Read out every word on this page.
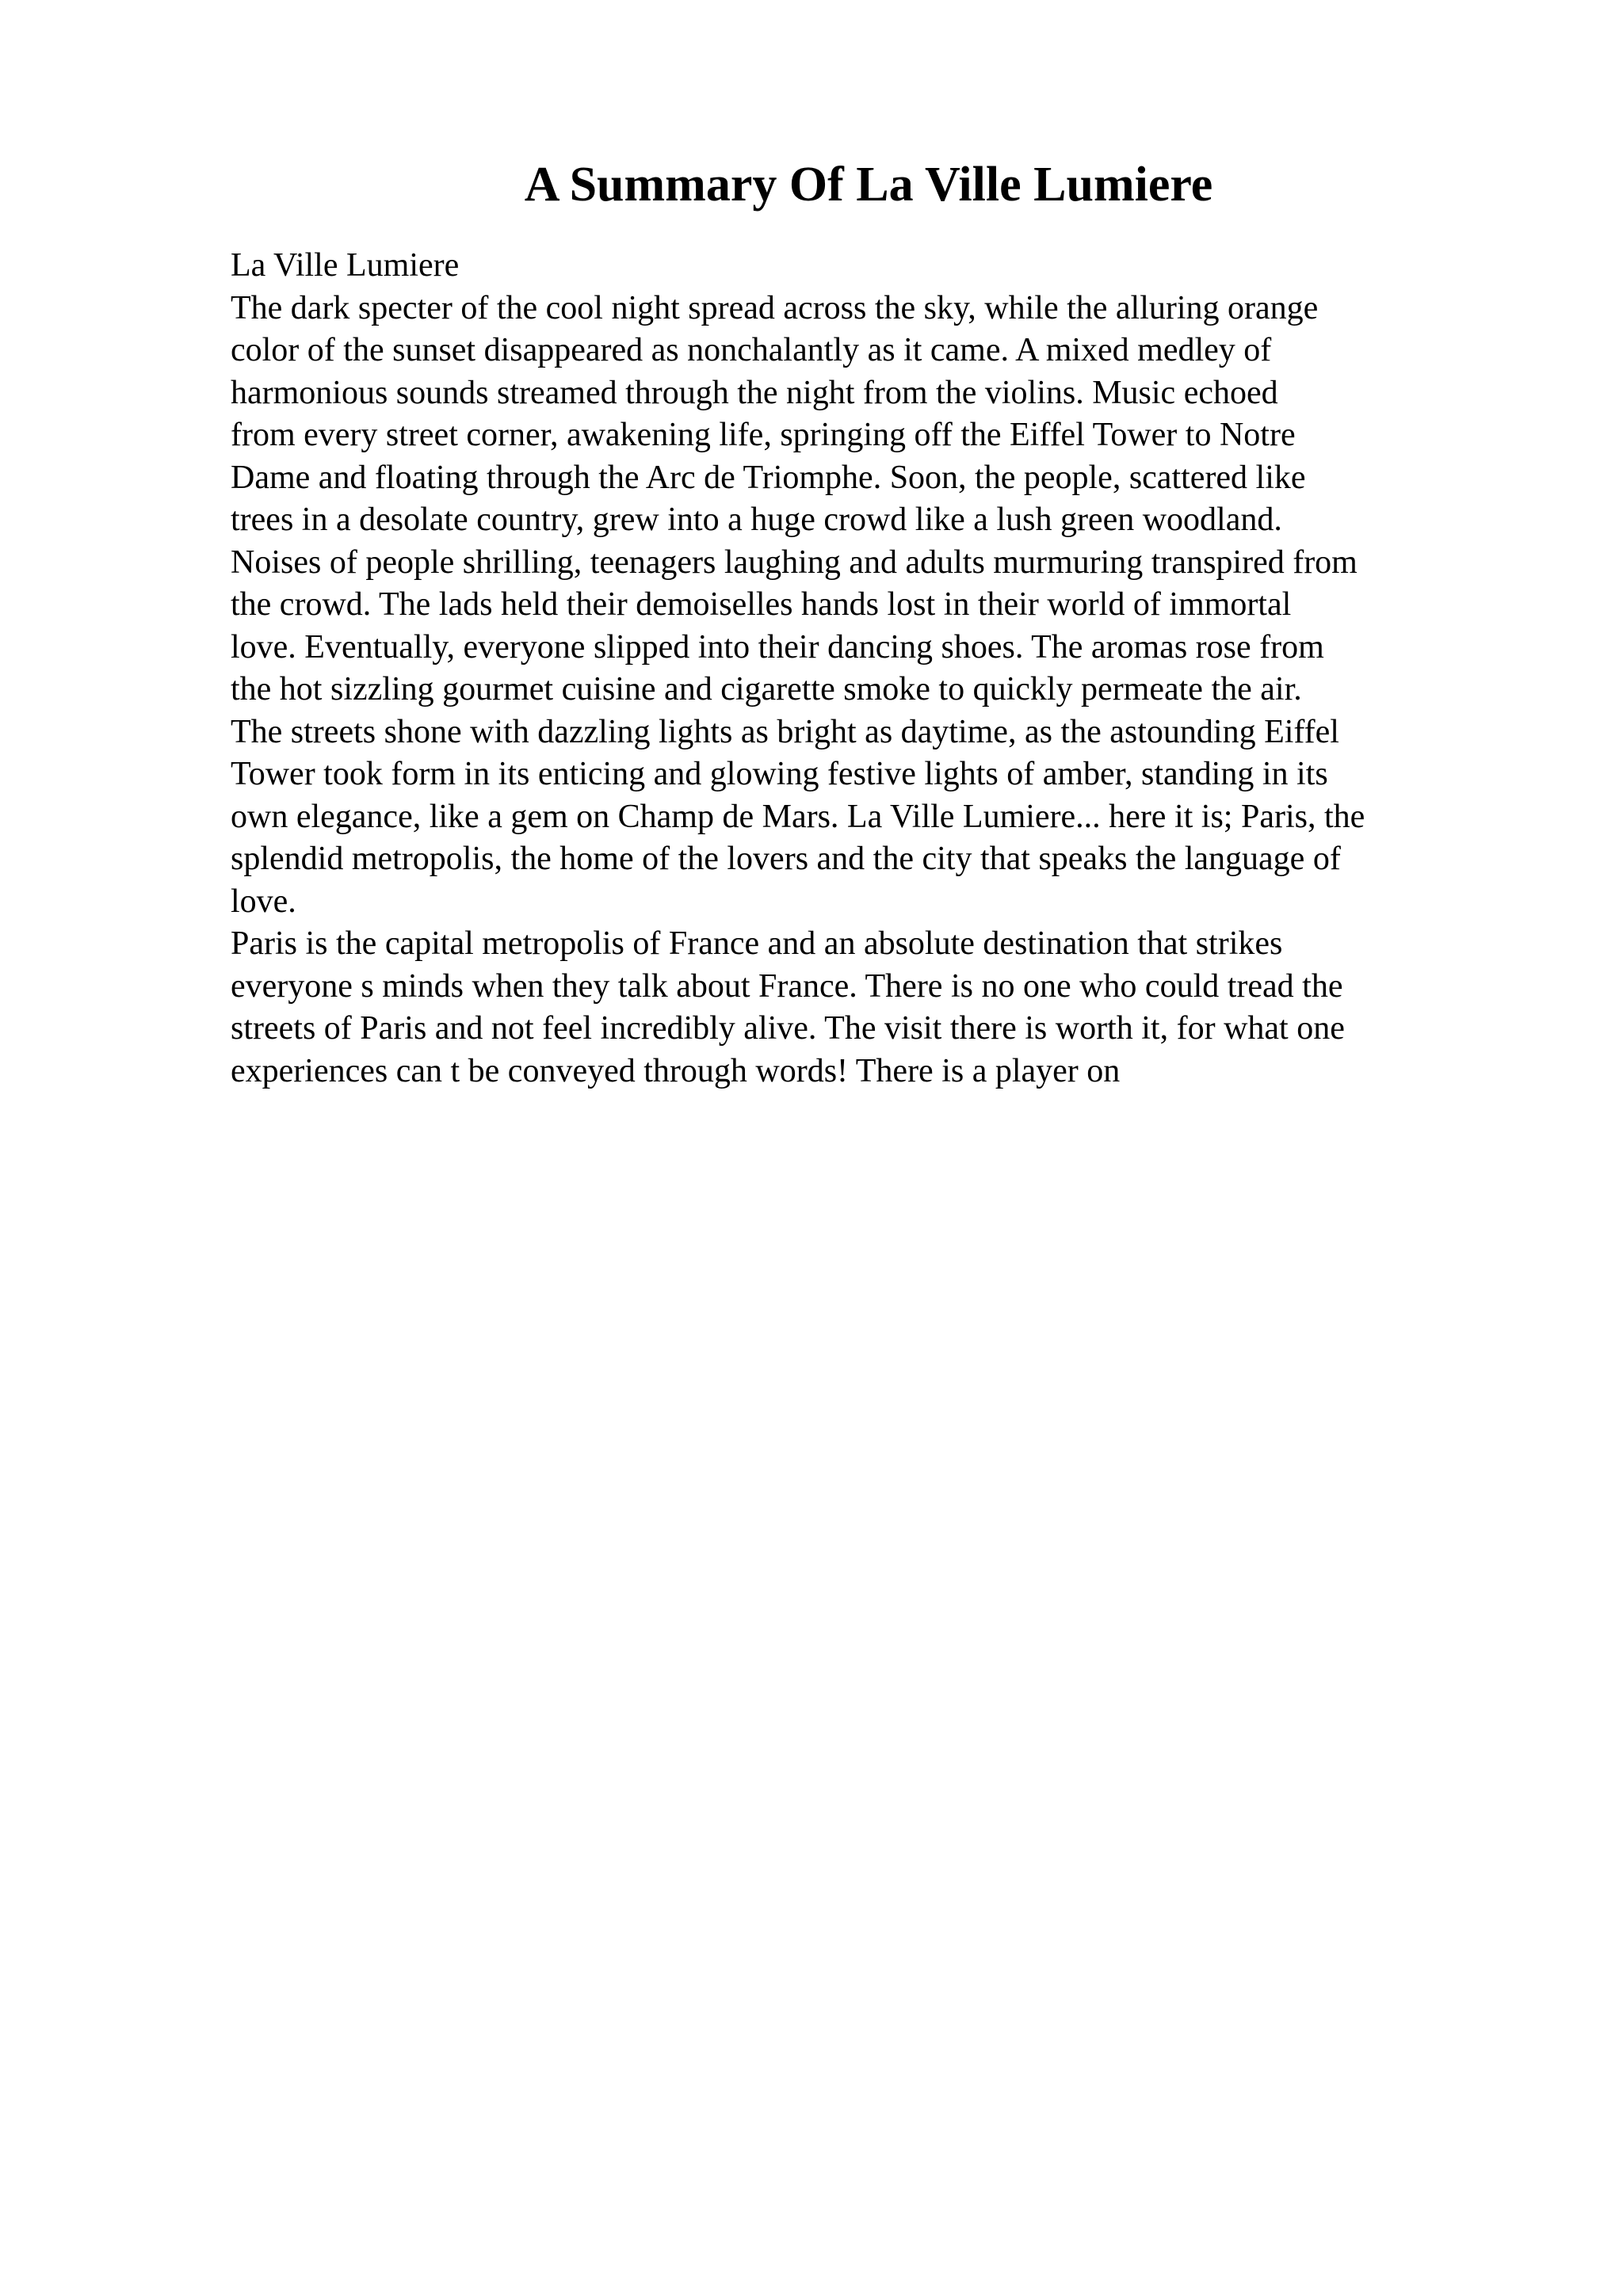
A Summary Of La Ville Lumiere
La Ville Lumiere
The dark specter of the cool night spread across the sky, while the alluring orange
color of the sunset disappeared as nonchalantly as it came. A mixed medley of
harmonious sounds streamed through the night from the violins. Music echoed
from every street corner, awakening life, springing off the Eiffel Tower to Notre
Dame and floating through the Arc de Triomphe. Soon, the people, scattered like
trees in a desolate country, grew into a huge crowd like a lush green woodland.
Noises of people shrilling, teenagers laughing and adults murmuring transpired from
the crowd. The lads held their demoiselles hands lost in their world of immortal
love. Eventually, everyone slipped into their dancing shoes. The aromas rose from
the hot sizzling gourmet cuisine and cigarette smoke to quickly permeate the air.
The streets shone with dazzling lights as bright as daytime, as the astounding Eiffel
Tower took form in its enticing and glowing festive lights of amber, standing in its
own elegance, like a gem on Champ de Mars. La Ville Lumiere... here it is; Paris, the
splendid metropolis, the home of the lovers and the city that speaks the language of
love.
Paris is the capital metropolis of France and an absolute destination that strikes
everyone s minds when they talk about France. There is no one who could tread the
streets of Paris and not feel incredibly alive. The visit there is worth it, for what one
experiences can t be conveyed through words! There is a player on
